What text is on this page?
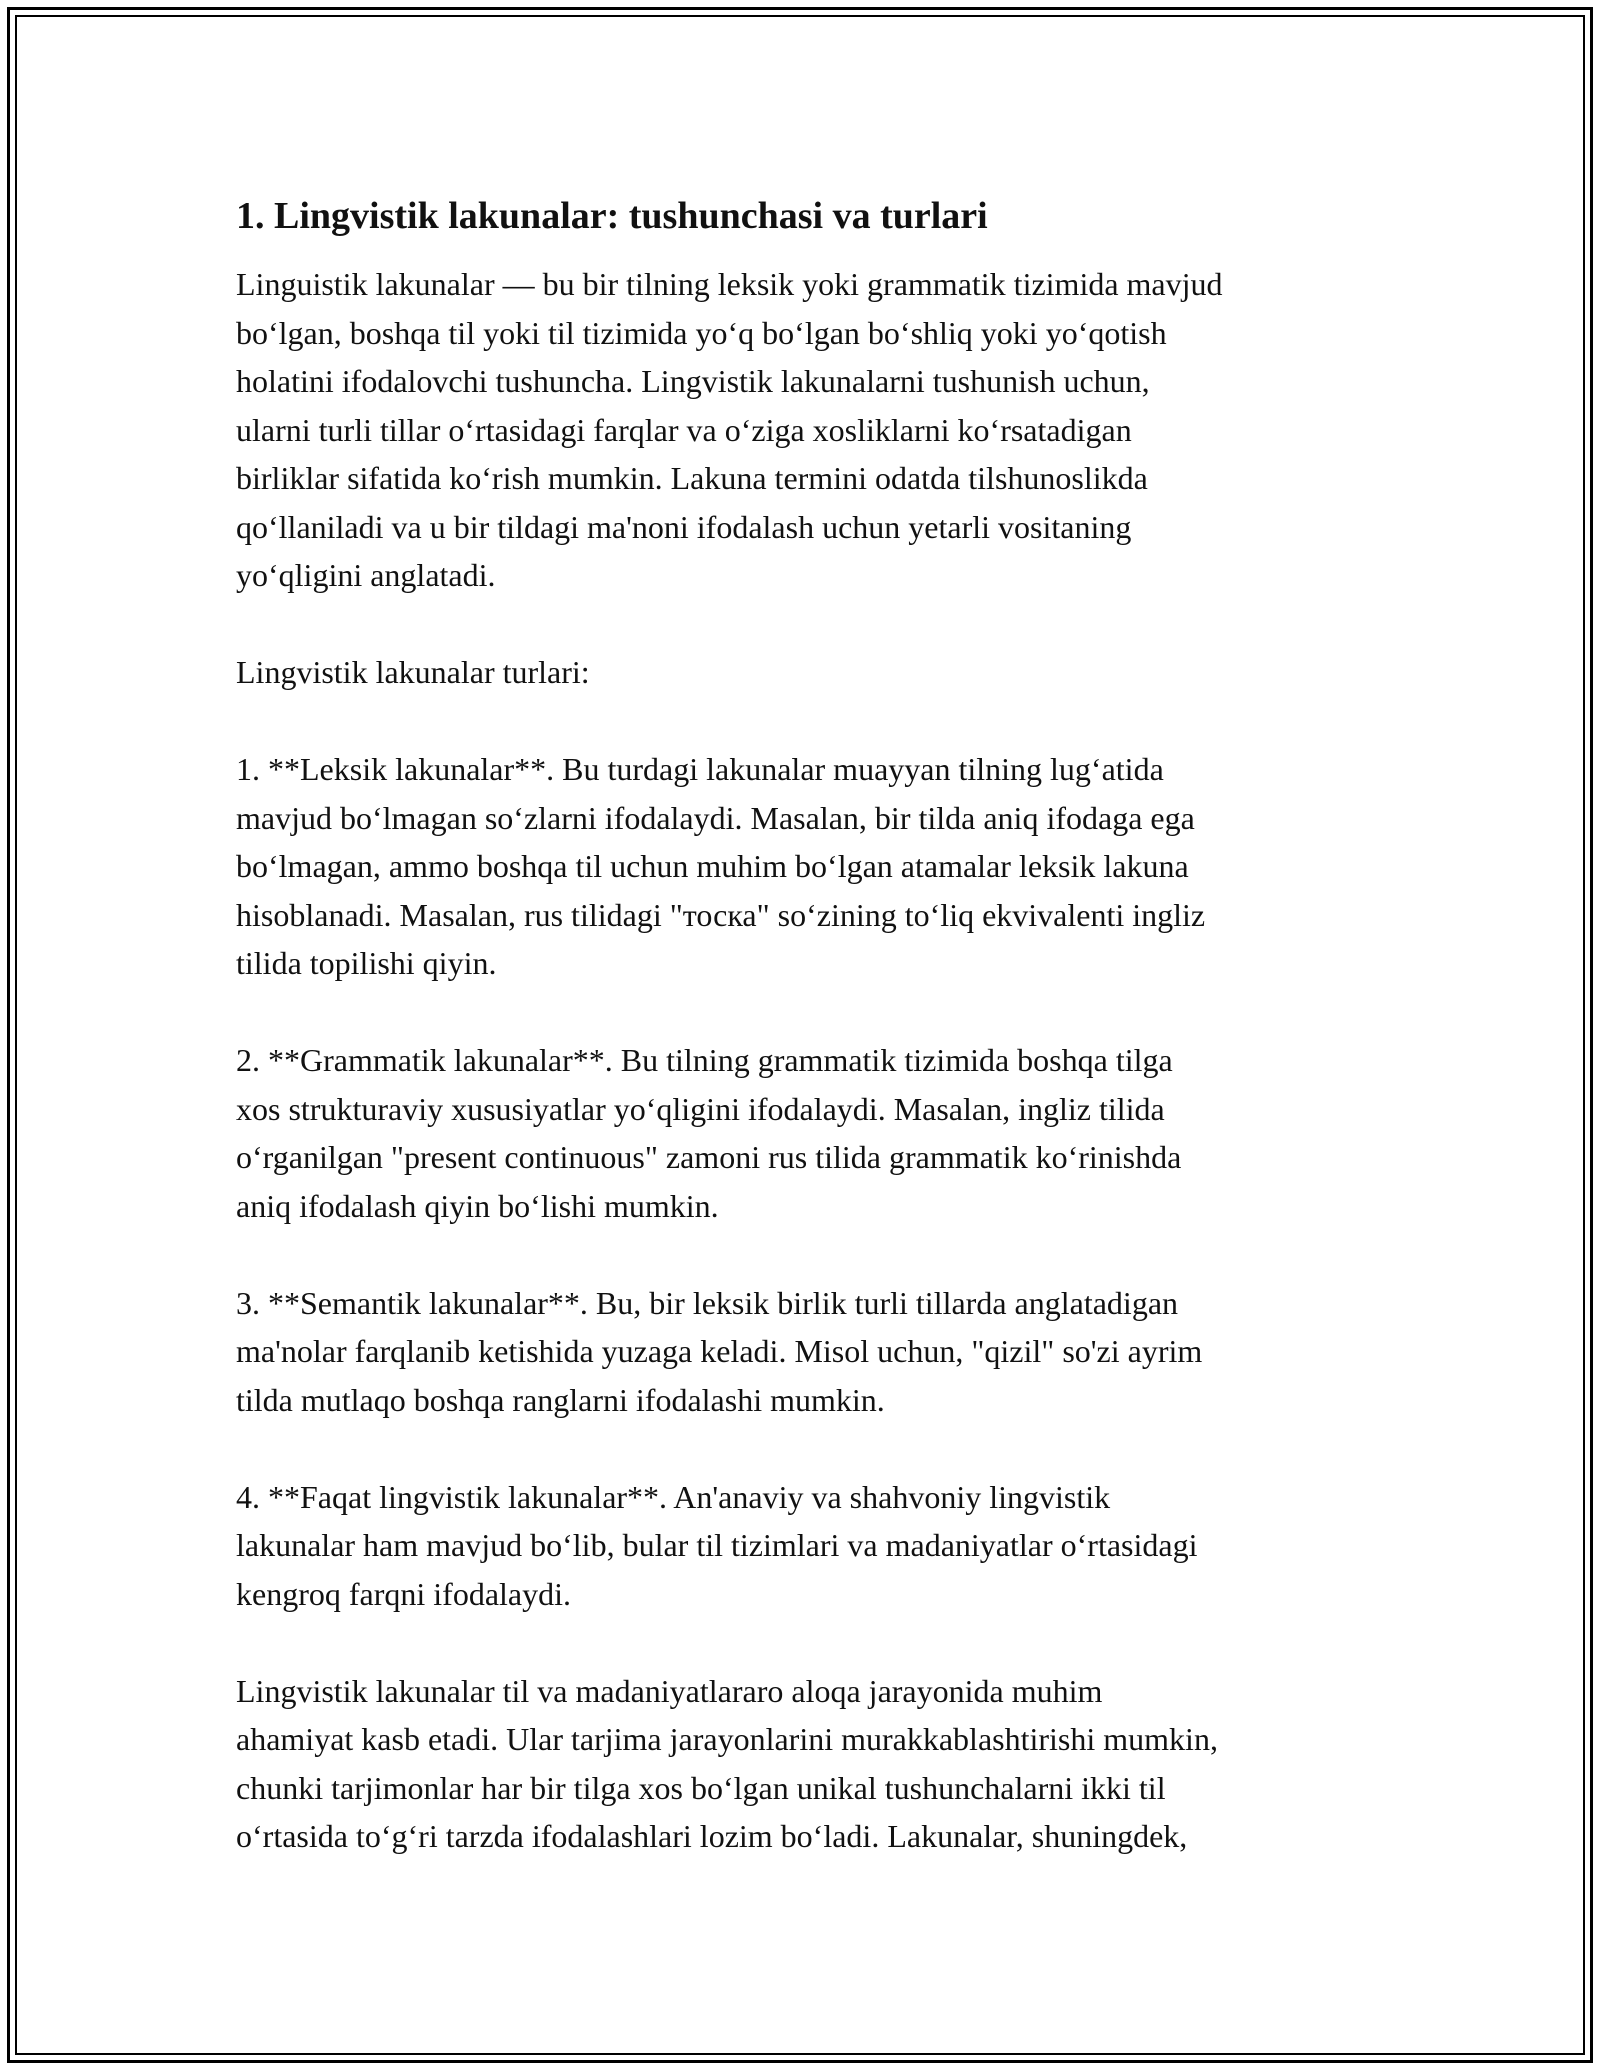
1. Lingvistik lakunalar: tushunchasi va turlari

Linguistik lakunalar — bu bir tilning leksik yoki grammatik tizimida mavjud
bo‘lgan, boshqa til yoki til tizimida yo‘q bo‘lgan bo‘shliq yoki yo‘qotish
holatini ifodalovchi tushuncha. Lingvistik lakunalarni tushunish uchun,
ularni turli tillar o‘rtasidagi farqlar va o‘ziga xosliklarni ko‘rsatadigan
birliklar sifatida ko‘rish mumkin. Lakuna termini odatda tilshunoslikda
qo‘llaniladi va u bir tildagi ma'noni ifodalash uchun yetarli vositaning
yo‘qligini anglatadi.

Lingvistik lakunalar turlari:

1. **Leksik lakunalar**. Bu turdagi lakunalar muayyan tilning lug‘atida
mavjud bo‘lmagan so‘zlarni ifodalaydi. Masalan, bir tilda aniq ifodaga ega
bo‘lmagan, ammo boshqa til uchun muhim bo‘lgan atamalar leksik lakuna
hisoblanadi. Masalan, rus tilidagi "тоска" so‘zining to‘liq ekvivalenti ingliz
tilida topilishi qiyin.

2. **Grammatik lakunalar**. Bu tilning grammatik tizimida boshqa tilga
xos strukturaviy xususiyatlar yo‘qligini ifodalaydi. Masalan, ingliz tilida
o‘rganilgan "present continuous" zamoni rus tilida grammatik ko‘rinishda
aniq ifodalash qiyin bo‘lishi mumkin.

3. **Semantik lakunalar**. Bu, bir leksik birlik turli tillarda anglatadigan
ma'nolar farqlanib ketishida yuzaga keladi. Misol uchun, "qizil" so'zi ayrim
tilda mutlaqo boshqa ranglarni ifodalashi mumkin.

4. **Faqat lingvistik lakunalar**. An'anaviy va shahvoniy lingvistik
lakunalar ham mavjud bo‘lib, bular til tizimlari va madaniyatlar o‘rtasidagi
kengroq farqni ifodalaydi.

Lingvistik lakunalar til va madaniyatlararo aloqa jarayonida muhim
ahamiyat kasb etadi. Ular tarjima jarayonlarini murakkablashtirishi mumkin,
chunki tarjimonlar har bir tilga xos bo‘lgan unikal tushunchalarni ikki til
o‘rtasida to‘g‘ri tarzda ifodalashlari lozim bo‘ladi. Lakunalar, shuningdek,
